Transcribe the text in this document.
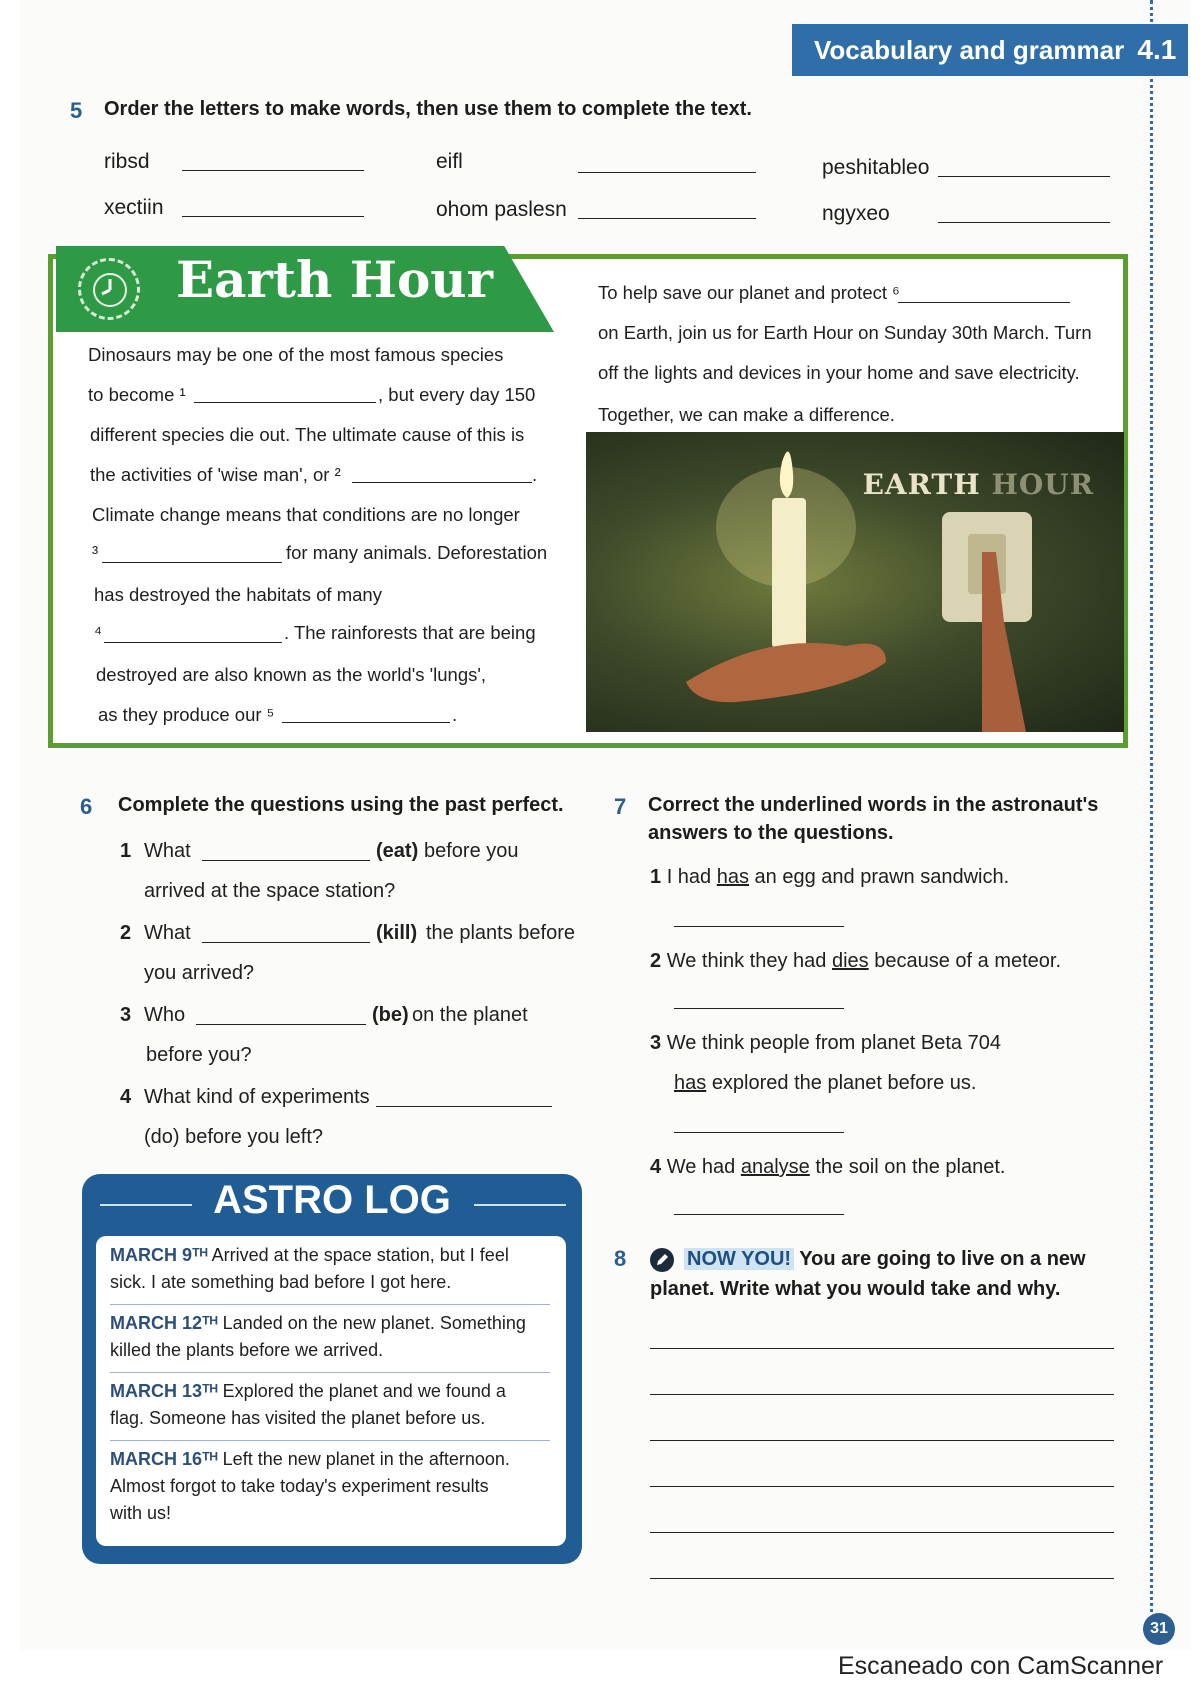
Vocabulary and grammar 4.1
5 Order the letters to make words, then use them to complete the text.
ribsd	eifl	peshitableo
xectiin	ohom paslesn	ngyxeo
Earth Hour
Dinosaurs may be one of the most famous species
to become ¹	, but every day 150
different species die out. The ultimate cause of this is
the activities of 'wise man', or ²	.
Climate change means that conditions are no longer
³	for many animals. Deforestation
has destroyed the habitats of many
⁴	. The rainforests that are being
destroyed are also known as the world's 'lungs',
as they produce our ⁵	.
To help save our planet and protect ⁶
on Earth, join us for Earth Hour on Sunday 30th March. Turn
off the lights and devices in your home and save electricity.
Together, we can make a difference.
EARTH HOUR
6 Complete the questions using the past perfect.
1 What	(eat) before you
arrived at the space station?
2 What	(kill) the plants before
you arrived?
3 Who	(be) on the planet
before you?
4 What kind of experiments
(do) before you left?
ASTRO LOG
MARCH 9ᵀᴴ Arrived at the space station, but I feel
sick. I ate something bad before I got here.
MARCH 12ᵀᴴ Landed on the new planet. Something
killed the plants before we arrived.
MARCH 13ᵀᴴ Explored the planet and we found a
flag. Someone has visited the planet before us.
MARCH 16ᵀᴴ Left the new planet in the afternoon.
Almost forgot to take today's experiment results
with us!
7 Correct the underlined words in the astronaut's
answers to the questions.
1 I had has an egg and prawn sandwich.
2 We think they had dies because of a meteor.
3 We think people from planet Beta 704
has explored the planet before us.
4 We had analyse the soil on the planet.
8	NOW YOU! You are going to live on a new
planet. Write what you would take and why.
31
Escaneado con CamScanner
